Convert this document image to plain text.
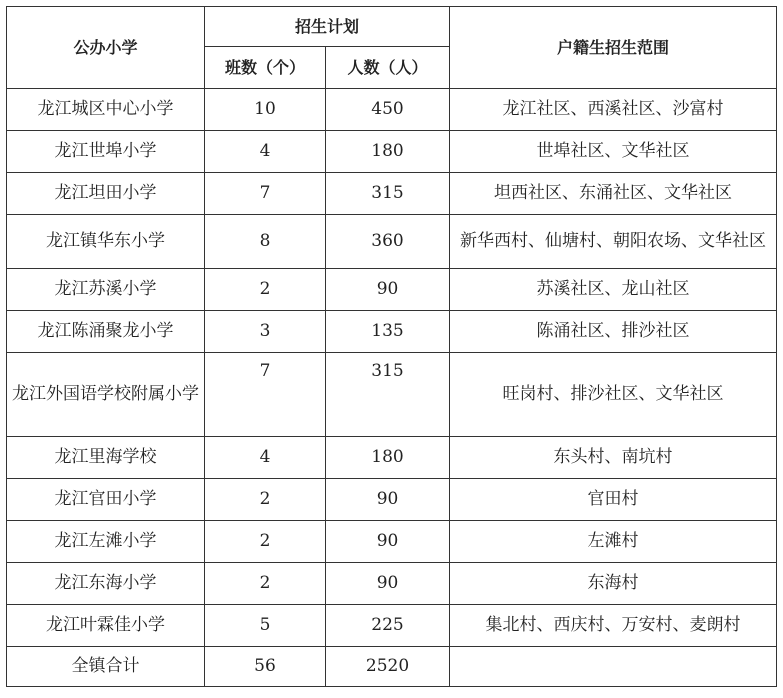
公办小学	招生计划		户籍生招生范围
	班数（个）	人数（人）	
龙江城区中心小学	10	450	龙江社区、西溪社区、沙富村
龙江世埠小学	4	180	世埠社区、文华社区
龙江坦田小学	7	315	坦西社区、东涌社区、文华社区
龙江镇华东小学	8	360	新华西村、仙塘村、朝阳农场、文华社区
龙江苏溪小学	2	90	苏溪社区、龙山社区
龙江陈涌聚龙小学	3	135	陈涌社区、排沙社区
龙江外国语学校附属小学	7	315	旺岗村、排沙社区、文华社区
龙江里海学校	4	180	东头村、南坑村
龙江官田小学	2	90	官田村
龙江左滩小学	2	90	左滩村
龙江东海小学	2	90	东海村
龙江叶霖佳小学	5	225	集北村、西庆村、万安村、麦朗村
全镇合计	56	2520	
